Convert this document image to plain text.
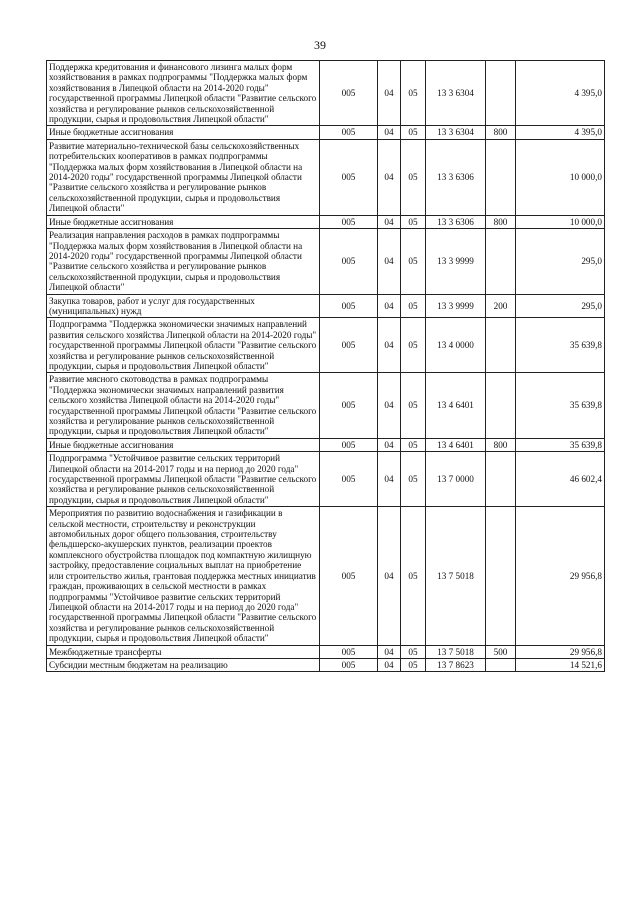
39
Поддержка кредитования и финансового лизинга малых форм хозяйствования в рамках подпрограммы "Поддержка малых форм хозяйствования в Липецкой области на 2014-2020 годы" государственной программы Липецкой области "Развитие сельского хозяйства и регулирование рынков сельскохозяйственной продукции, сырья и продовольствия Липецкой области"	005	04	05	13 3 6304		4 395,0
Иные бюджетные ассигнования	005	04	05	13 3 6304	800	4 395,0
Развитие материально-технической базы сельскохозяйственных потребительских кооперативов в рамках подпрограммы "Поддержка малых форм хозяйствования в Липецкой области на 2014-2020 годы" государственной программы Липецкой области "Развитие сельского хозяйства и регулирование рынков сельскохозяйственной продукции, сырья и продовольствия Липецкой области"	005	04	05	13 3 6306		10 000,0
Иные бюджетные ассигнования	005	04	05	13 3 6306	800	10 000,0
Реализация направления расходов в рамках подпрограммы "Поддержка малых форм хозяйствования в Липецкой области на 2014-2020 годы" государственной программы Липецкой области "Развитие сельского хозяйства и регулирование рынков сельскохозяйственной продукции, сырья и продовольствия Липецкой области"	005	04	05	13 3 9999		295,0
Закупка товаров, работ и услуг для государственных (муниципальных) нужд	005	04	05	13 3 9999	200	295,0
Подпрограмма "Поддержка экономически значимых направлений развития сельского хозяйства Липецкой области на 2014-2020 годы" государственной программы Липецкой области "Развитие сельского хозяйства и регулирование рынков сельскохозяйственной продукции, сырья и продовольствия Липецкой области"	005	04	05	13 4 0000		35 639,8
Развитие мясного скотоводства в рамках подпрограммы "Поддержка экономически значимых направлений развития сельского хозяйства Липецкой области на 2014-2020 годы" государственной программы Липецкой области "Развитие сельского хозяйства и регулирование рынков сельскохозяйственной продукции, сырья и продовольствия Липецкой области"	005	04	05	13 4 6401		35 639,8
Иные бюджетные ассигнования	005	04	05	13 4 6401	800	35 639,8
Подпрограмма "Устойчивое развитие сельских территорий Липецкой области на 2014-2017 годы и на период до 2020 года" государственной программы Липецкой области "Развитие сельского хозяйства и регулирование рынков сельскохозяйственной продукции, сырья и продовольствия Липецкой области"	005	04	05	13 7 0000		46 602,4
Мероприятия по развитию водоснабжения и газификации в сельской местности, строительству и реконструкции автомобильных дорог общего пользования, строительству фельдшерско-акушерских пунктов, реализации проектов комплексного обустройства площадок под компактную жилищную застройку, предоставление социальных выплат на приобретение или строительство жилья, грантовая поддержка местных инициатив граждан, проживающих в сельской местности в рамках подпрограммы "Устойчивое развитие сельских территорий Липецкой области на 2014-2017 годы и на период до 2020 года" государственной программы Липецкой области "Развитие сельского хозяйства и регулирование рынков сельскохозяйственной продукции, сырья и продовольствия Липецкой области"	005	04	05	13 7 5018		29 956,8
Межбюджетные трансферты	005	04	05	13 7 5018	500	29 956,8
Субсидии местным бюджетам на реализацию	005	04	05	13 7 8623		14 521,6
